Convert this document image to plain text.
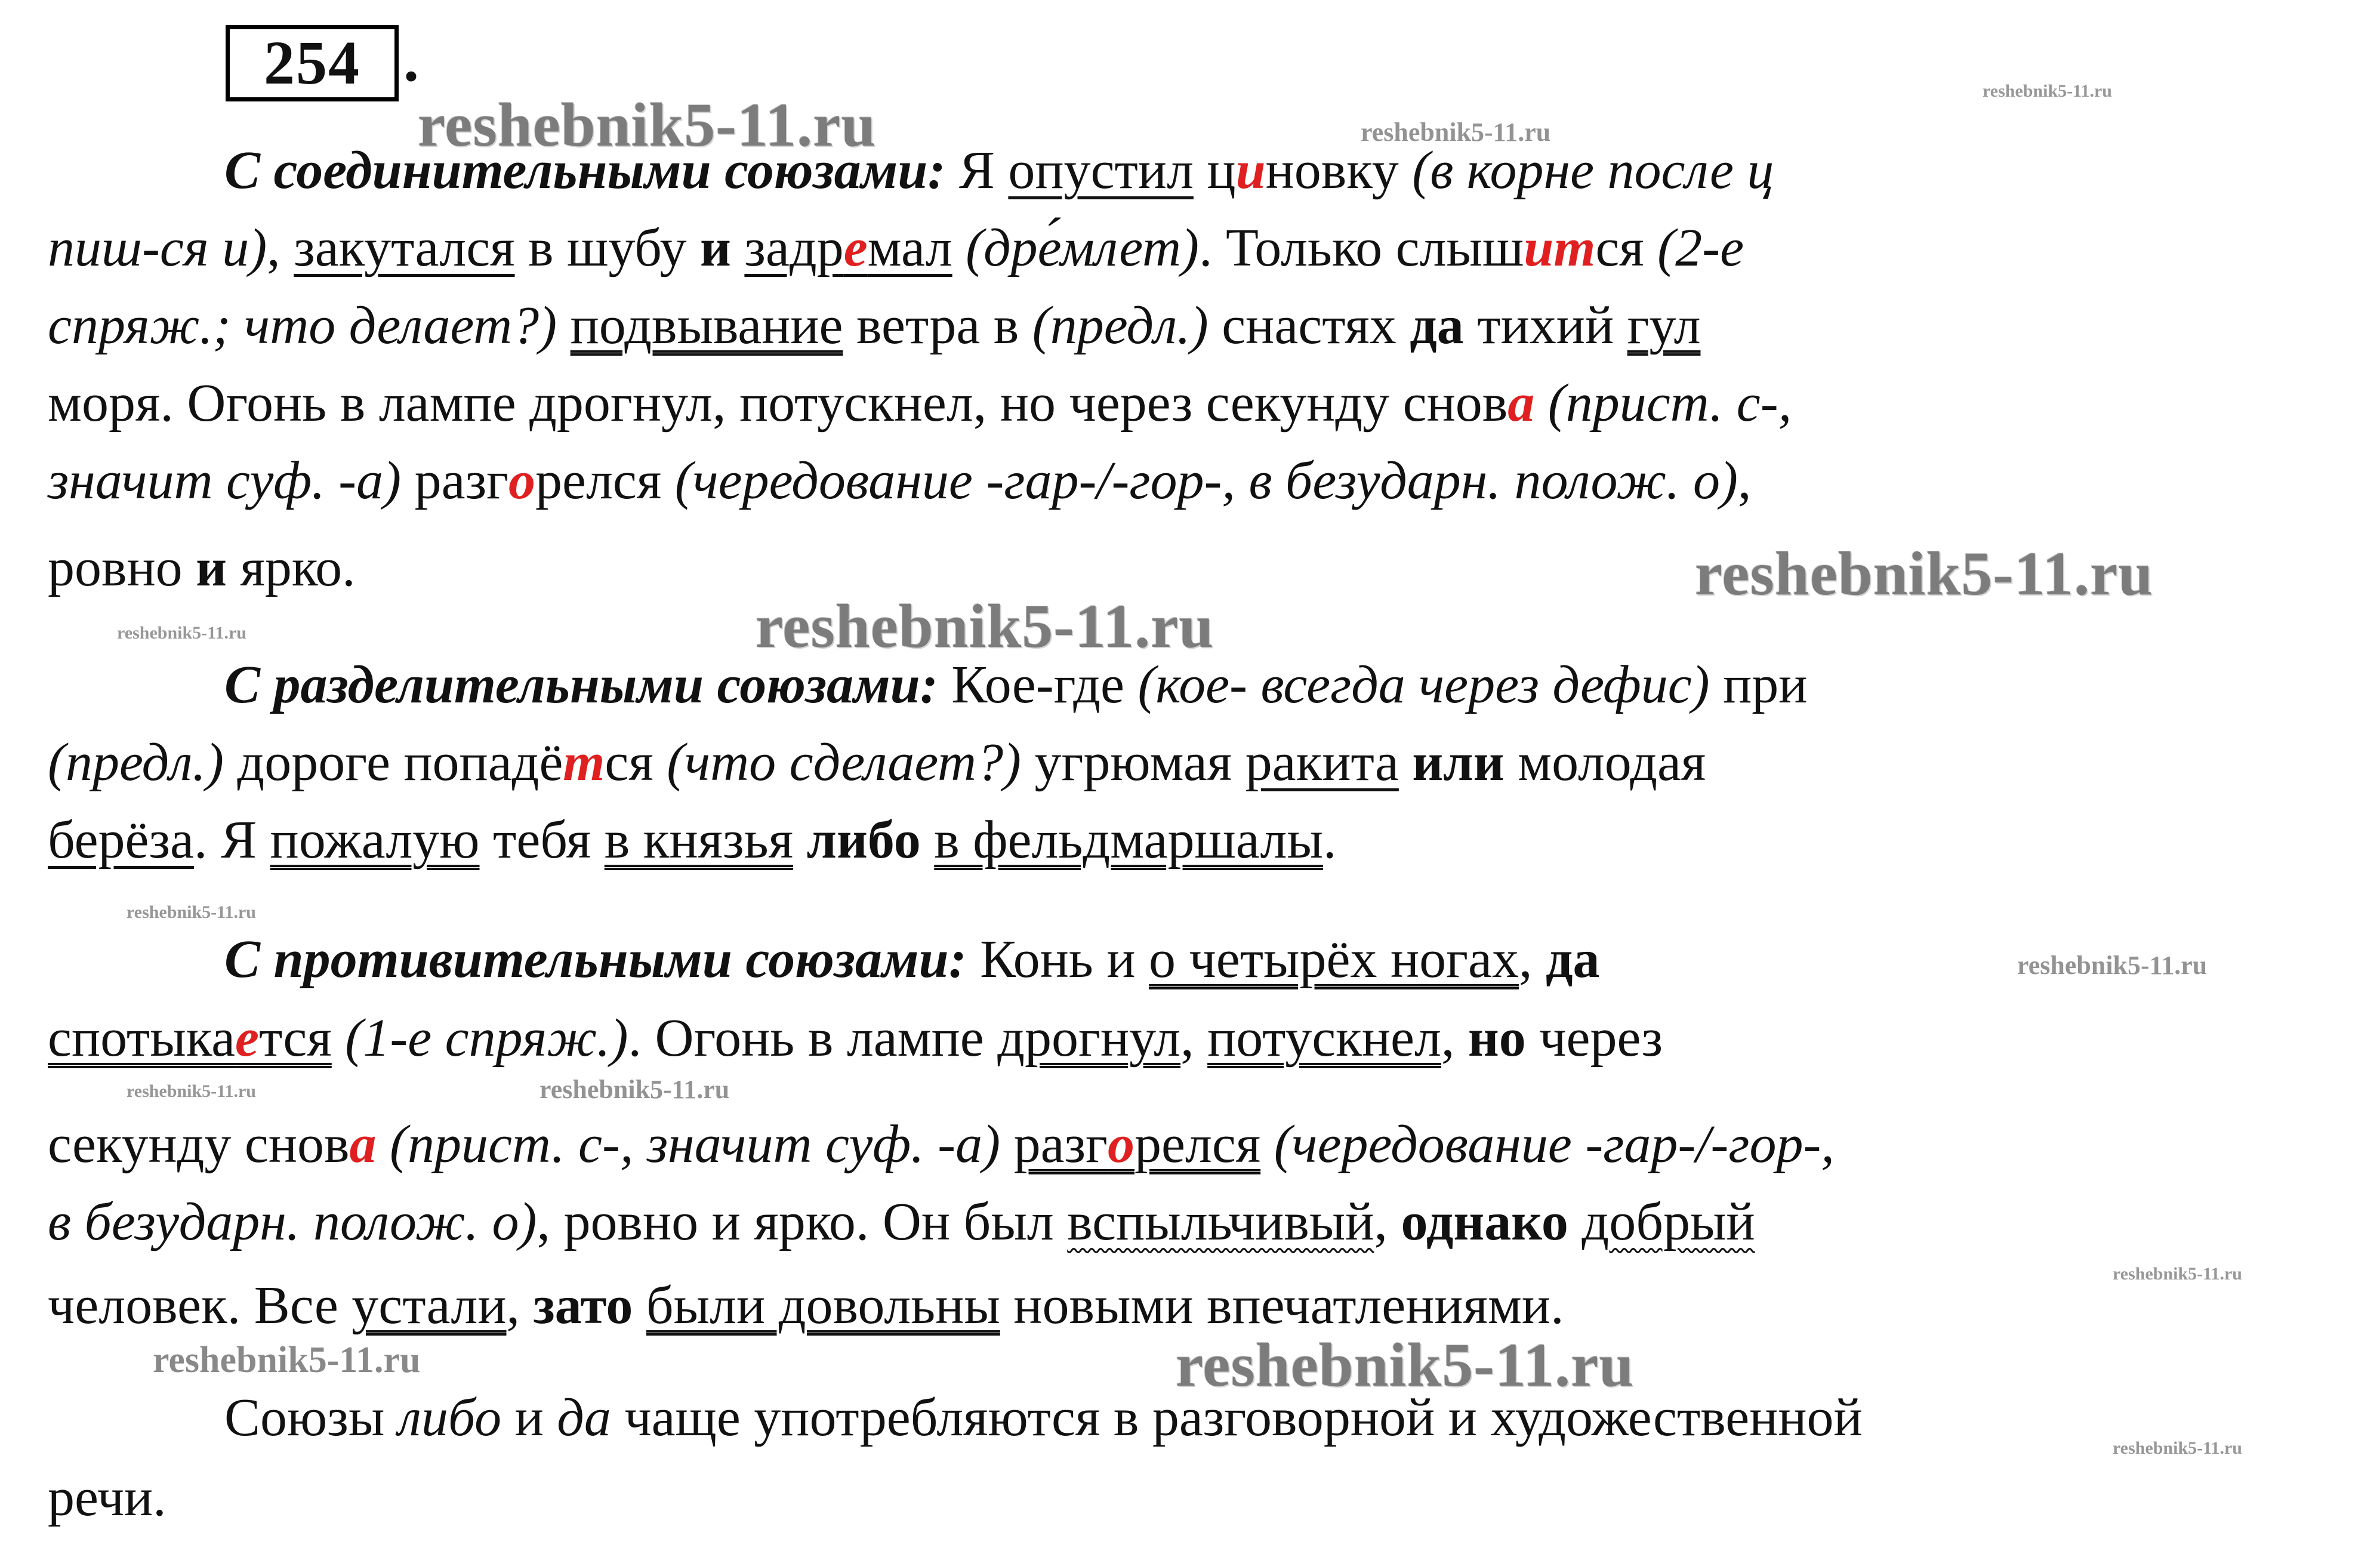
254 .
reshebnik5-11.ru	reshebnik5-11.ru
reshebnik5-11.ru
reshebnik5-11.ru
reshebnik5-11.ru	reshebnik5-11.ru
reshebnik5-11.ru
reshebnik5-11.ru
reshebnik5-11.ru	reshebnik5-11.ru
reshebnik5-11.ru
reshebnik5-11.ru	reshebnik5-11.ru
reshebnik5-11.ru
С соединительными союзами: Я опустил циновку (в корне после ц
пиш-ся и), закутался в шубу и задремал (дре́млет). Только слышится (2-е
спряж.; что делает?) подвывание ветра в (предл.) снастях да тихий гул
моря. Огонь в лампе дрогнул, потускнел, но через секунду снова (прист. с-,
значит суф. -а) разгорелся (чередование -гар-/-гор-, в безударн. полож. о),
ровно и ярко.
С разделительными союзами: Кое-где (кое- всегда через дефис) при
(предл.) дороге попадётся (что сделает?) угрюмая ракита или молодая
берёза. Я пожалую тебя в князья либо в фельдмаршалы.
С противительными союзами: Конь и о четырёх ногах, да
спотыкается (1-е спряж.). Огонь в лампе дрогнул, потускнел, но через
секунду снова (прист. с-, значит суф. -а) разгорелся (чередование -гар-/-гор-,
в безударн. полож. о), ровно и ярко. Он был вспыльчивый, однако добрый
человек. Все устали, зато были довольны новыми впечатлениями.
Союзы либо и да чаще употребляются в разговорной и художественной
речи.
